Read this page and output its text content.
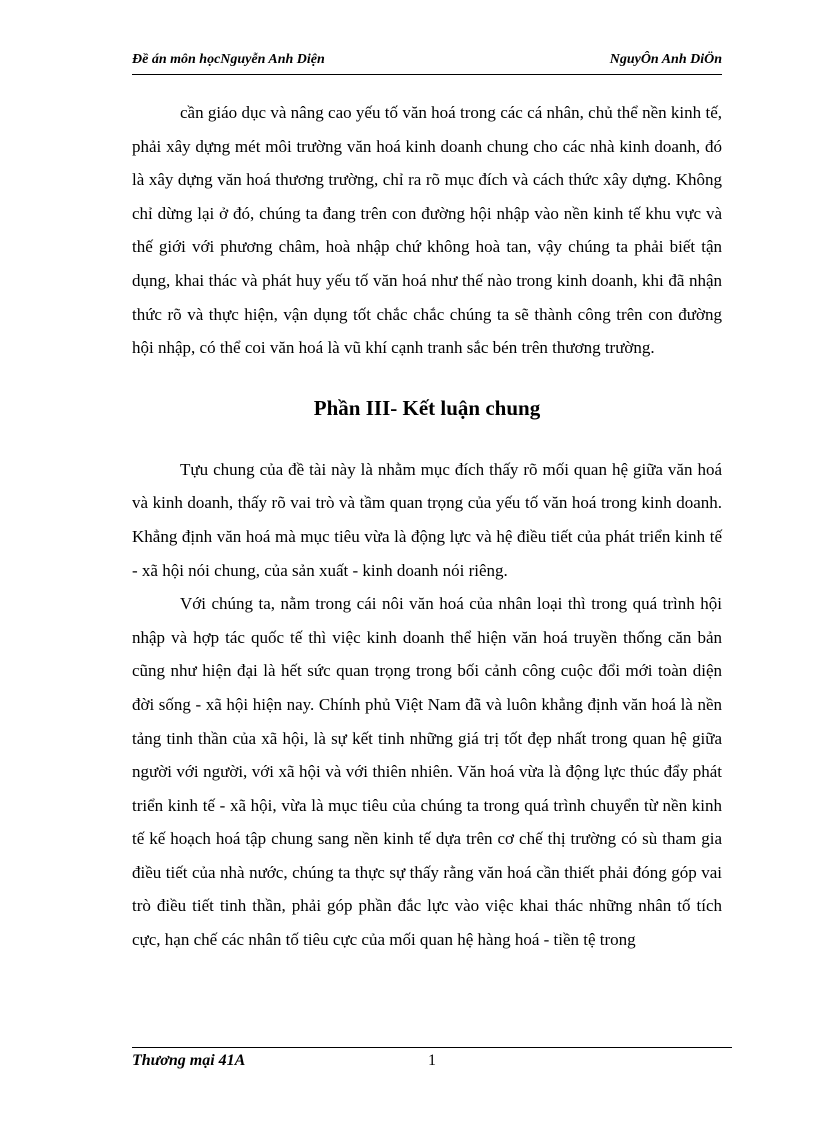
Đề án môn họcNguyễn Anh Diện	NguyÔn Anh DiÖn

cần giáo dục và nâng cao yếu tố văn hoá trong các cá nhân, chủ thể nền kinh tế, phải xây dựng mét môi trường văn hoá kinh doanh chung cho các nhà kinh doanh, đó là xây dựng văn hoá thương trường, chỉ ra rõ mục đích và cách thức xây dựng. Không chỉ dừng lại ở đó, chúng ta đang trên con đường hội nhập vào nền kinh tế khu vực và thế giới với phương châm, hoà nhập chứ không hoà tan, vậy chúng ta phải biết tận dụng, khai thác và phát huy yếu tố văn hoá như thế nào trong kinh doanh, khi đã nhận thức rõ và thực hiện, vận dụng tốt chắc chắc chúng ta sẽ thành công trên con đường hội nhập, có thể coi văn hoá là vũ khí cạnh tranh sắc bén trên thương trường.

Phần III- Kết luận chung

Tựu chung của đề tài này là nhằm mục đích thấy rõ mối quan hệ giữa văn hoá và kinh doanh, thấy rõ vai trò và tầm quan trọng của yếu tố văn hoá trong kinh doanh. Khẳng định văn hoá mà mục tiêu vừa là động lực và hệ điều tiết của phát triển kinh tế - xã hội nói chung, của sản xuất - kinh doanh nói riêng.

Với chúng ta, nằm trong cái nôi văn hoá của nhân loại thì trong quá trình hội nhập và hợp tác quốc tế thì việc kinh doanh thể hiện văn hoá truyền thống căn bản cũng như hiện đại là hết sức quan trọng trong bối cảnh công cuộc đổi mới toàn diện đời sống - xã hội hiện nay. Chính phủ Việt Nam đã và luôn khẳng định văn hoá là nền tảng tinh thần của xã hội, là sự kết tinh những giá trị tốt đẹp nhất trong quan hệ giữa người với người, với xã hội và với thiên nhiên. Văn hoá vừa là động lực thúc đẩy phát triển kinh tế - xã hội, vừa là mục tiêu của chúng ta trong quá trình chuyển từ nền kinh tế kế hoạch hoá tập chung sang nền kinh tế dựa trên cơ chế thị trường có sù tham gia điều tiết của nhà nước, chúng ta thực sự thấy rằng văn hoá cần thiết phải đóng góp vai trò điều tiết tinh thần, phải góp phần đắc lực vào việc khai thác những nhân tố tích cực, hạn chế các nhân tố tiêu cực của mối quan hệ hàng hoá - tiền tệ trong

Thương mại 41A	1
